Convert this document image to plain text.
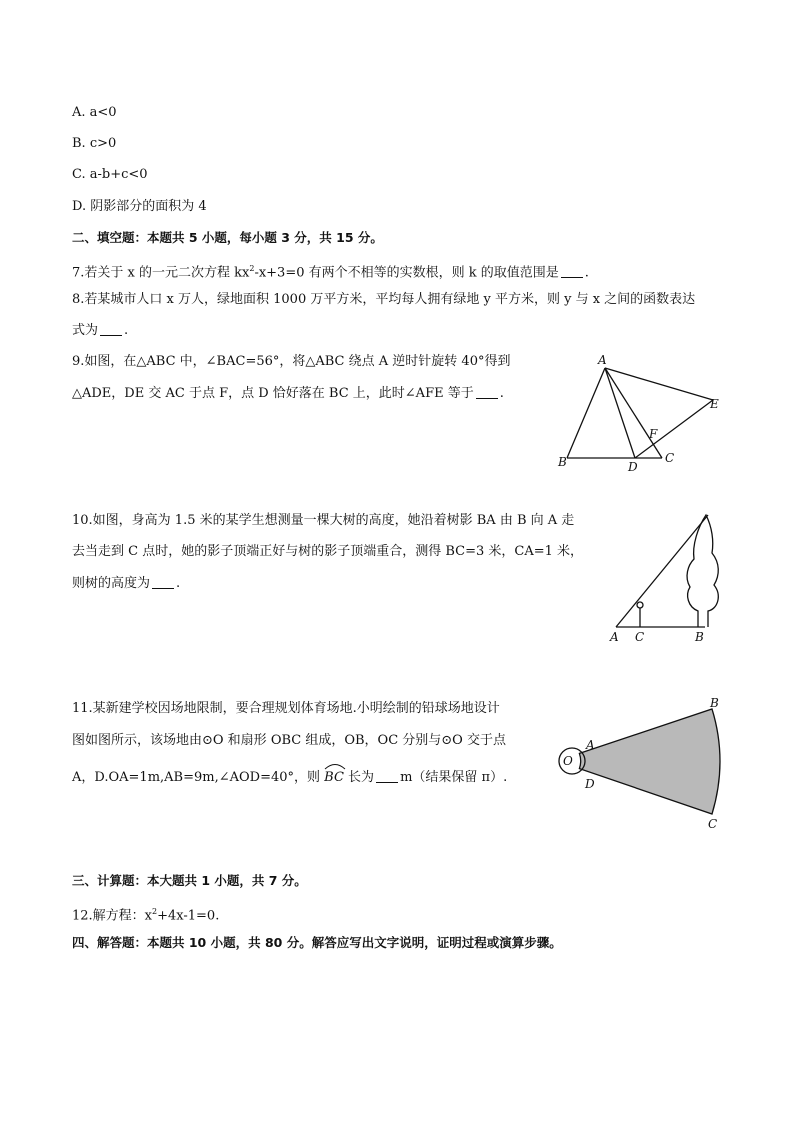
A. a<0
B. c>0
C. a-b+c<0
D. 阴影部分的面积为 4
二、填空题：本题共 5 小题，每小题 3 分，共 15 分。
7.若关于 x 的一元二次方程 $kx^2-x+3=0$ 有两个不相等的实数根，则 k 的取值范围是 .
8.若某城市人口 x 万人，绿地面积 1000 万平方米，平均每人拥有绿地 y 平方米，则 y 与 x 之间的函数表达
式为 .
9.如图，在△ABC 中，∠BAC=56°，将△ABC 绕点 A 逆时针旋转 40°得到
△ADE，DE 交 AC 于点 F，点 D 恰好落在 BC 上，此时∠AFE 等于 .
A
B	D
C
F
E
10.如图，身高为 1.5 米的某学生想测量一棵大树的高度，她沿着树影 BA 由 B 向 A 走
去当走到 C 点时，她的影子顶端正好与树的影子顶端重合，测得 BC=3 米，CA=1 米，
则树的高度为 .
A C	B
11.某新建学校因场地限制，要合理规划体育场地.小明绘制的铅球场地设计
图如图所示，该场地由⊙O 和扇形 OBC 组成，OB，OC 分别与⊙O 交于点
A，D.OA=1m,AB=9m,∠AOD=40°，则 BC 长为 m（结果保留 π）.
O
A
D
B
C
三、计算题：本大题共 1 小题，共 7 分。
12.解方程：$x^2+4x-1=0$.
四、解答题：本题共 10 小题，共 80 分。解答应写出文字说明，证明过程或演算步骤。
